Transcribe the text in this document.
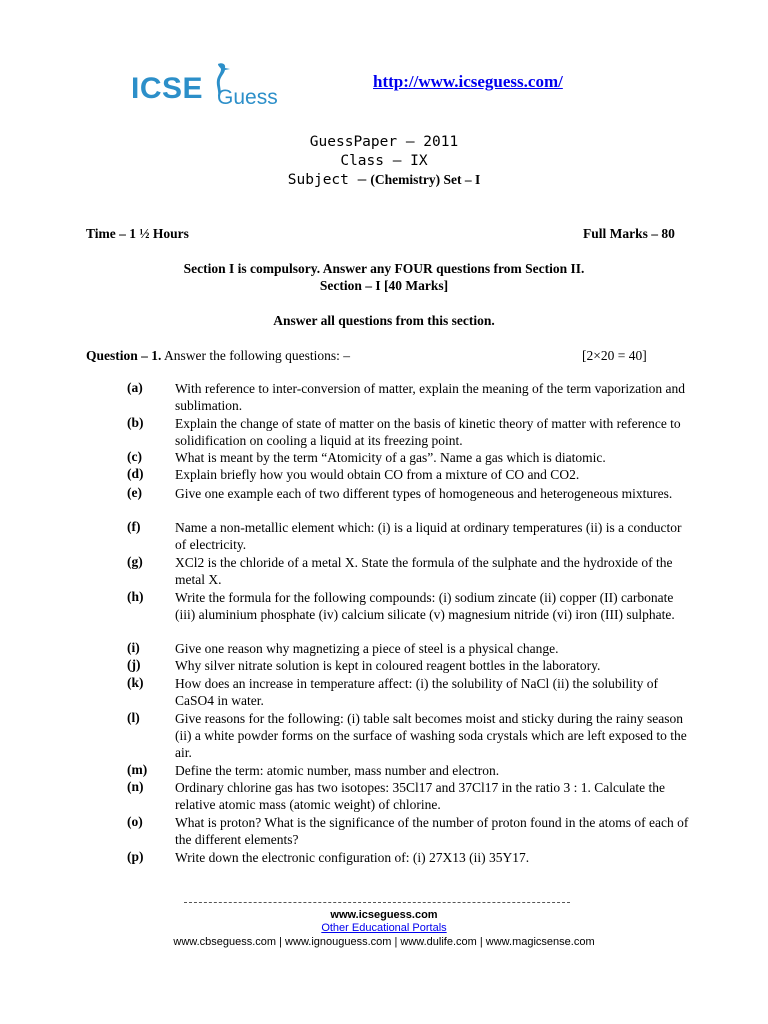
ICSE Guess
http://www.icseguess.com/
GuessPaper – 2011
Class – IX
Subject – (Chemistry) Set – I
Time – 1 ½ Hours	Full Marks – 80
Section I is compulsory. Answer any FOUR questions from Section II.
Section – I [40 Marks]
Answer all questions from this section.
Question – 1. Answer the following questions: –	[2×20 = 40]
(a) With reference to inter-conversion of matter, explain the meaning of the term vaporization and sublimation.
(b) Explain the change of state of matter on the basis of kinetic theory of matter with reference to solidification on cooling a liquid at its freezing point.
(c) What is meant by the term “Atomicity of a gas”. Name a gas which is diatomic.
(d) Explain briefly how you would obtain CO from a mixture of CO and CO2.
(e) Give one example each of two different types of homogeneous and heterogeneous mixtures.
(f)	Name a non-metallic element which: (i) is a liquid at ordinary temperatures (ii) is a conductor of electricity.
(g) XCl2 is the chloride of a metal X. State the formula of the sulphate and the hydroxide of the metal X.
(h) Write the formula for the following compounds: (i) sodium zincate (ii) copper (II) carbonate (iii) aluminium phosphate (iv) calcium silicate (v) magnesium nitride (vi) iron (III) sulphate.
(i)	Give one reason why magnetizing a piece of steel is a physical change.
(j)	Why silver nitrate solution is kept in coloured reagent bottles in the laboratory.
(k) How does an increase in temperature affect: (i) the solubility of NaCl (ii) the solubility of CaSO4 in water.
(l)	Give reasons for the following: (i) table salt becomes moist and sticky during the rainy season (ii) a white powder forms on the surface of washing soda crystals which are left exposed to the air.
(m) Define the term: atomic number, mass number and electron.
(n) Ordinary chlorine gas has two isotopes: 35Cl17 and 37Cl17 in the ratio 3 : 1. Calculate the relative atomic mass (atomic weight) of chlorine.
(o) What is proton? What is the significance of the number of proton found in the atoms of each of the different elements?
(p) Write down the electronic configuration of: (i) 27X13 (ii) 35Y17.
www.icseguess.com
Other Educational Portals
www.cbseguess.com | www.ignouguess.com | www.dulife.com | www.magicsense.com
